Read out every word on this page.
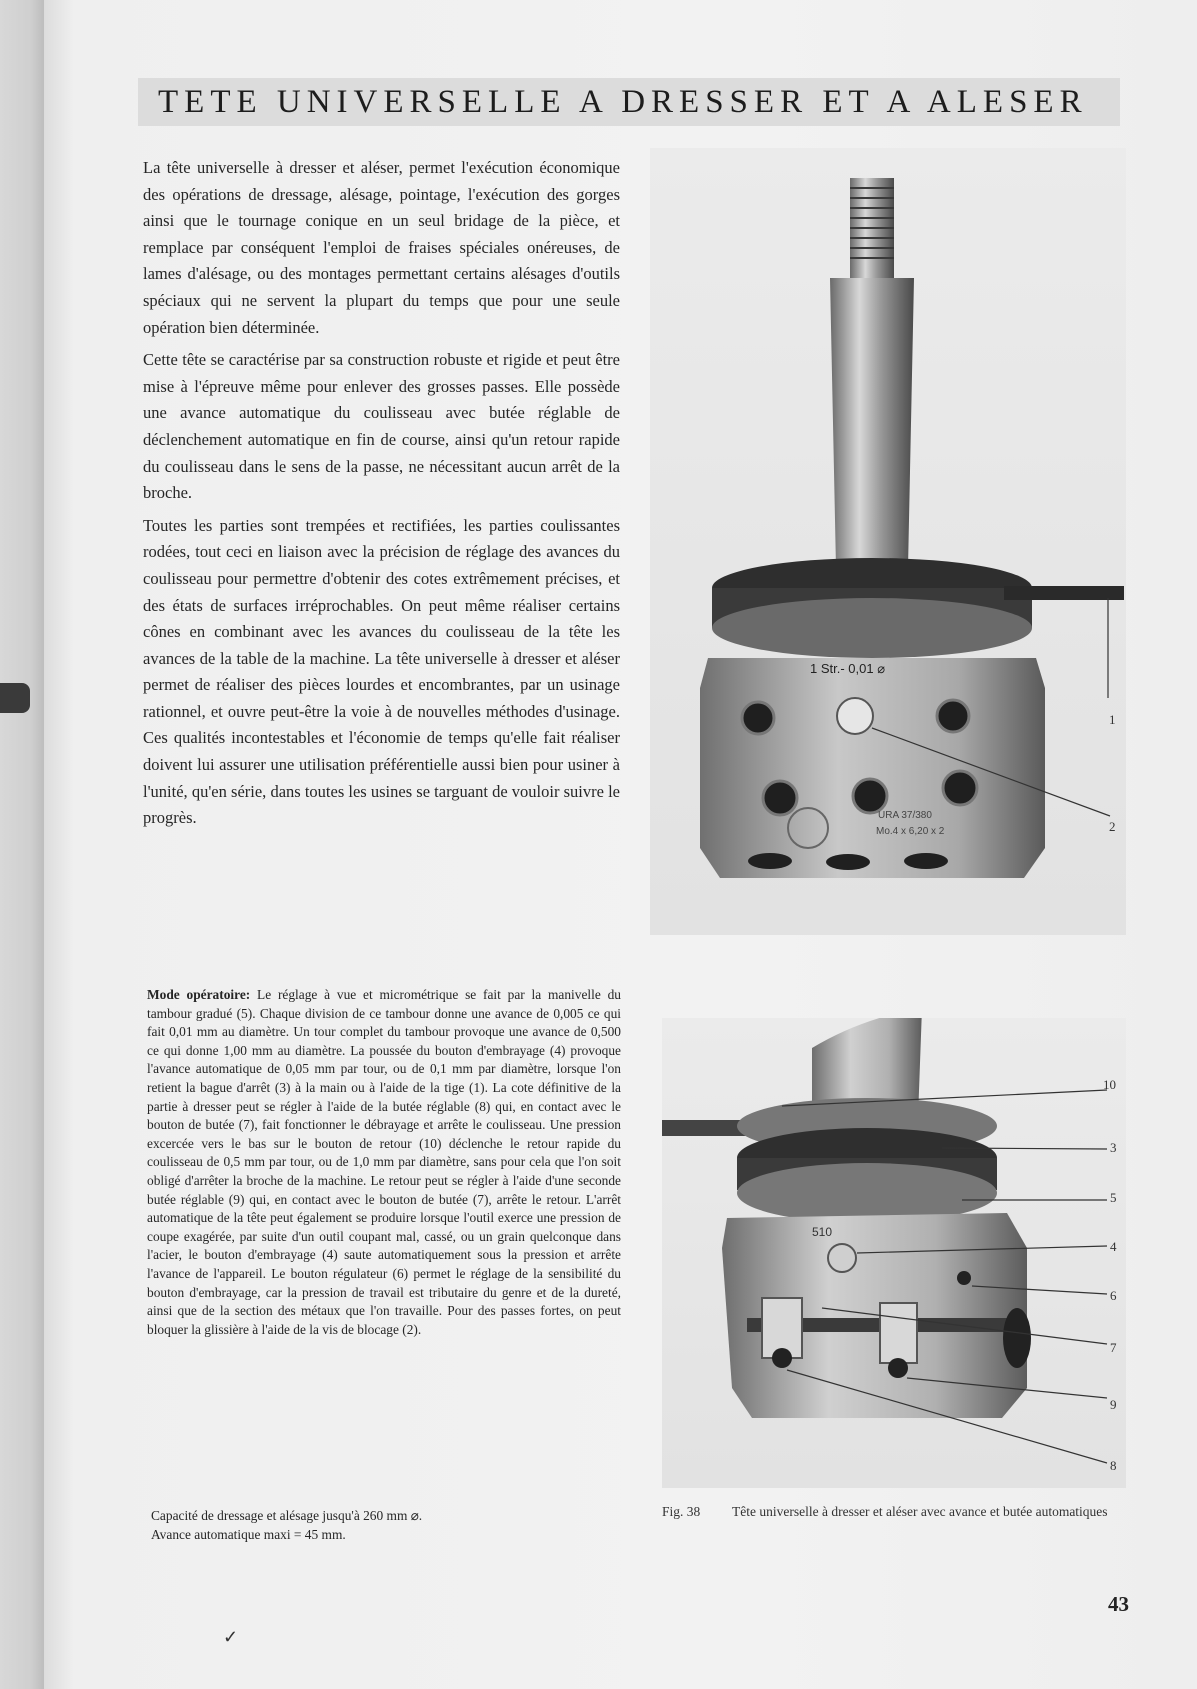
TETE UNIVERSELLE A DRESSER ET A ALESER

La tête universelle à dresser et aléser, permet l'exécution économique des opérations de dressage, alésage, pointage, l'exécution des gorges ainsi que le tournage conique en un seul bridage de la pièce, et remplace par conséquent l'emploi de fraises spéciales onéreuses, de lames d'alésage, ou des montages permettant certains alésages d'outils spéciaux qui ne servent la plupart du temps que pour une seule opération bien déterminée.

Cette tête se caractérise par sa construction robuste et rigide et peut être mise à l'épreuve même pour enlever des grosses passes. Elle possède une avance automatique du coulisseau avec butée réglable de déclenchement automatique en fin de course, ainsi qu'un retour rapide du coulisseau dans le sens de la passe, ne nécessitant aucun arrêt de la broche.

Toutes les parties sont trempées et rectifiées, les parties coulissantes rodées, tout ceci en liaison avec la précision de réglage des avances du coulisseau pour permettre d'obtenir des cotes extrêmement précises, et des états de surfaces irréprochables. On peut même réaliser certains cônes en combinant avec les avances du coulisseau de la tête les avances de la table de la machine. La tête universelle à dresser et aléser permet de réaliser des pièces lourdes et encombrantes, par un usinage rationnel, et ouvre peut-être la voie à de nouvelles méthodes d'usinage. Ces qualités incontestables et l'économie de temps qu'elle fait réaliser doivent lui assurer une utilisation préférentielle aussi bien pour usiner à l'unité, qu'en série, dans toutes les usines se targuant de vouloir suivre le progrès.

Mode opératoire: Le réglage à vue et micrométrique se fait par la manivelle du tambour gradué (5). Chaque division de ce tambour donne une avance de 0,005 ce qui fait 0,01 mm au diamètre. Un tour complet du tambour provoque une avance de 0,500 ce qui donne 1,00 mm au diamètre. La poussée du bouton d'embrayage (4) provoque l'avance automatique de 0,05 mm par tour, ou de 0,1 mm par diamètre, lorsque l'on retient la bague d'arrêt (3) à la main ou à l'aide de la tige (1). La cote définitive de la partie à dresser peut se régler à l'aide de la butée réglable (8) qui, en contact avec le bouton de butée (7), fait fonctionner le débrayage et arrête le coulisseau. Une pression excercée vers le bas sur le bouton de retour (10) déclenche le retour rapide du coulisseau de 0,5 mm par tour, ou de 1,0 mm par diamètre, sans pour cela que l'on soit obligé d'arrêter la broche de la machine. Le retour peut se régler à l'aide d'une seconde butée réglable (9) qui, en contact avec le bouton de butée (7), arrête le retour. L'arrêt automatique de la tête peut également se produire lorsque l'outil exerce une pression de coupe exagérée, par suite d'un outil coupant mal, cassé, ou un grain quelconque dans l'acier, le bouton d'embrayage (4) saute automatiquement sous la pression et arrête l'avance de l'appareil. Le bouton régulateur (6) permet le réglage de la sensibilité du bouton d'embrayage, car la pression de travail est tributaire du genre et de la dureté, ainsi que de la section des métaux que l'on travaille. Pour des passes fortes, on peut bloquer la glissière à l'aide de la vis de blocage (2).
Capacité de dressage et alésage jusqu'à 260 mm ⌀.
Avance automatique maxi = 45 mm.
1 Str.- 0,01 ⌀
URA 37/380
Mo.4 x 6,20 x 2
1
2
510
10
3
5
4
6
7
9
8
Fig. 38 Tête universelle à dresser et aléser avec avance et butée automatiques
43
✓
